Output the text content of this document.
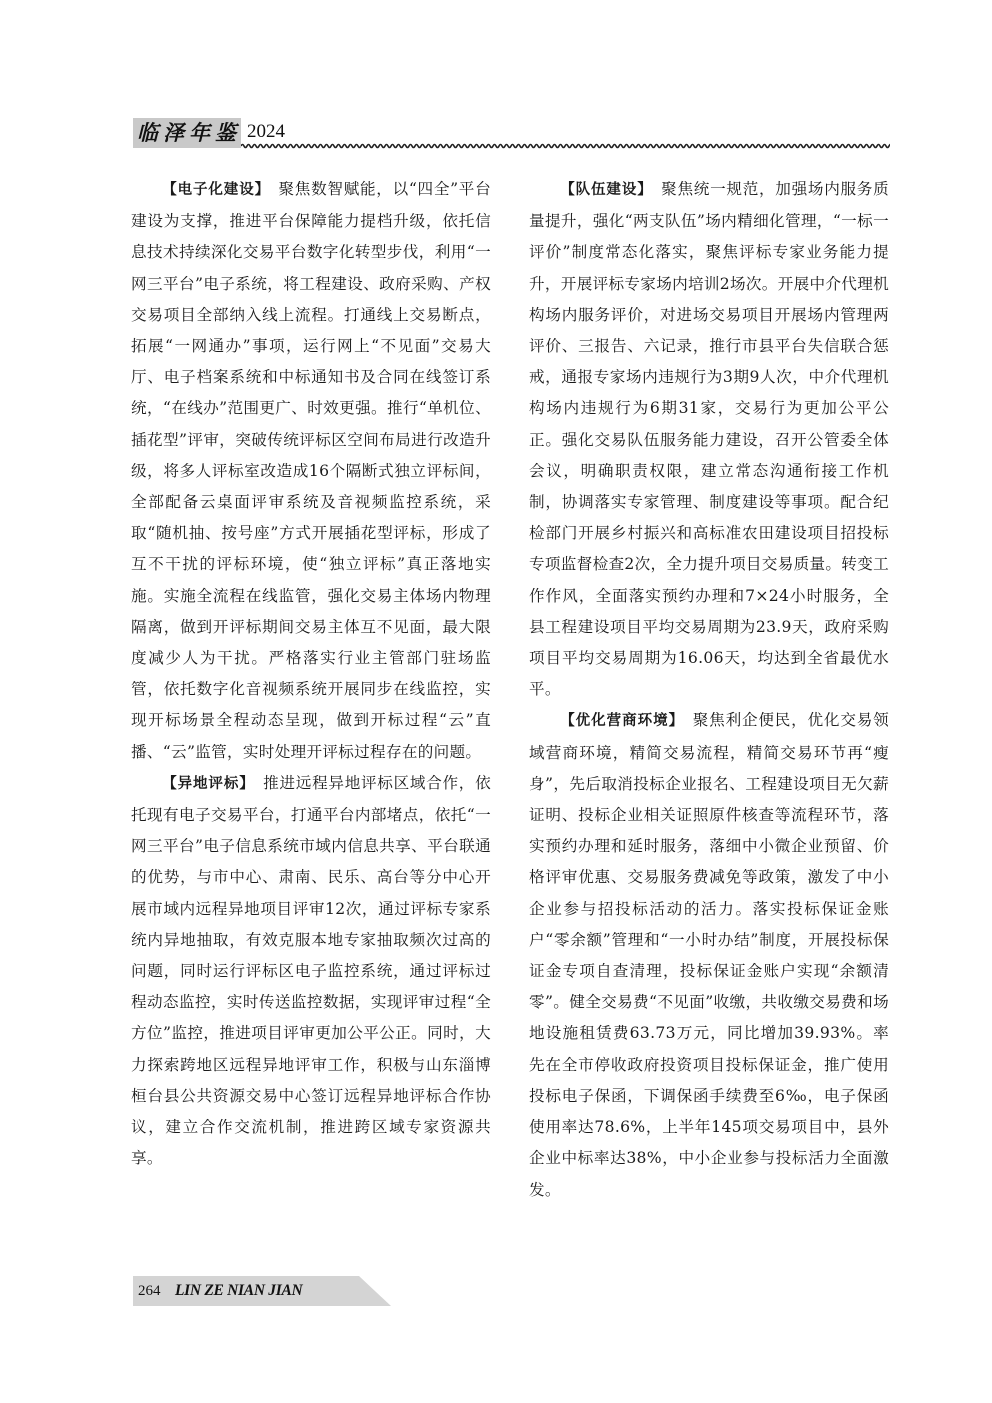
临泽年鉴 2024

【电子化建设】  聚焦数智赋能，以“四全”平台建设为支撑，推进平台保障能力提档升级，依托信息技术持续深化交易平台数字化转型步伐，利用“一网三平台”电子系统，将工程建设、政府采购、产权交易项目全部纳入线上流程。打通线上交易断点，拓展“一网通办”事项，运行网上“不见面”交易大厅、电子档案系统和中标通知书及合同在线签订系统，“在线办”范围更广、时效更强。推行“单机位、插花型”评审，突破传统评标区空间布局进行改造升级，将多人评标室改造成16个隔断式独立评标间，全部配备云桌面评审系统及音视频监控系统，采取“随机抽、按号座”方式开展插花型评标，形成了互不干扰的评标环境，使“独立评标”真正落地实施。实施全流程在线监管，强化交易主体场内物理隔离，做到开评标期间交易主体互不见面，最大限度减少人为干扰。严格落实行业主管部门驻场监管，依托数字化音视频系统开展同步在线监控，实现开标场景全程动态呈现，做到开标过程“云”直播、“云”监管，实时处理开评标过程存在的问题。

【异地评标】  推进远程异地评标区域合作，依托现有电子交易平台，打通平台内部堵点，依托“一网三平台”电子信息系统市域内信息共享、平台联通的优势，与市中心、肃南、民乐、高台等分中心开展市域内远程异地项目评审12次，通过评标专家系统内异地抽取，有效克服本地专家抽取频次过高的问题，同时运行评标区电子监控系统，通过评标过程动态监控，实时传送监控数据，实现评审过程“全方位”监控，推进项目评审更加公平公正。同时，大力探索跨地区远程异地评审工作，积极与山东淄博桓台县公共资源交易中心签订远程异地评标合作协议，建立合作交流机制，推进跨区域专家资源共享。

【队伍建设】  聚焦统一规范，加强场内服务质量提升，强化“两支队伍”场内精细化管理，“一标一评价”制度常态化落实，聚焦评标专家业务能力提升，开展评标专家场内培训2场次。开展中介代理机构场内服务评价，对进场交易项目开展场内管理两评价、三报告、六记录，推行市县平台失信联合惩戒，通报专家场内违规行为3期9人次，中介代理机构场内违规行为6期31家，交易行为更加公平公正。强化交易队伍服务能力建设，召开公管委全体会议，明确职责权限，建立常态沟通衔接工作机制，协调落实专家管理、制度建设等事项。配合纪检部门开展乡村振兴和高标准农田建设项目招投标专项监督检查2次，全力提升项目交易质量。转变工作作风，全面落实预约办理和7×24小时服务，全县工程建设项目平均交易周期为23.9天，政府采购项目平均交易周期为16.06天，均达到全省最优水平。

【优化营商环境】  聚焦利企便民，优化交易领域营商环境，精简交易流程，精简交易环节再“瘦身”，先后取消投标企业报名、工程建设项目无欠薪证明、投标企业相关证照原件核查等流程环节，落实预约办理和延时服务，落细中小微企业预留、价格评审优惠、交易服务费减免等政策，激发了中小企业参与招投标活动的活力。落实投标保证金账户“零余额”管理和“一小时办结”制度，开展投标保证金专项自查清理，投标保证金账户实现“余额清零”。健全交易费“不见面”收缴，共收缴交易费和场地设施租赁费63.73万元，同比增加39.93%。率先在全市停收政府投资项目投标保证金，推广使用投标电子保函，下调保函手续费至6‰，电子保函使用率达78.6%，上半年145项交易项目中，县外企业中标率达38%，中小企业参与投标活力全面激发。

264 LIN ZE NIAN JIAN
